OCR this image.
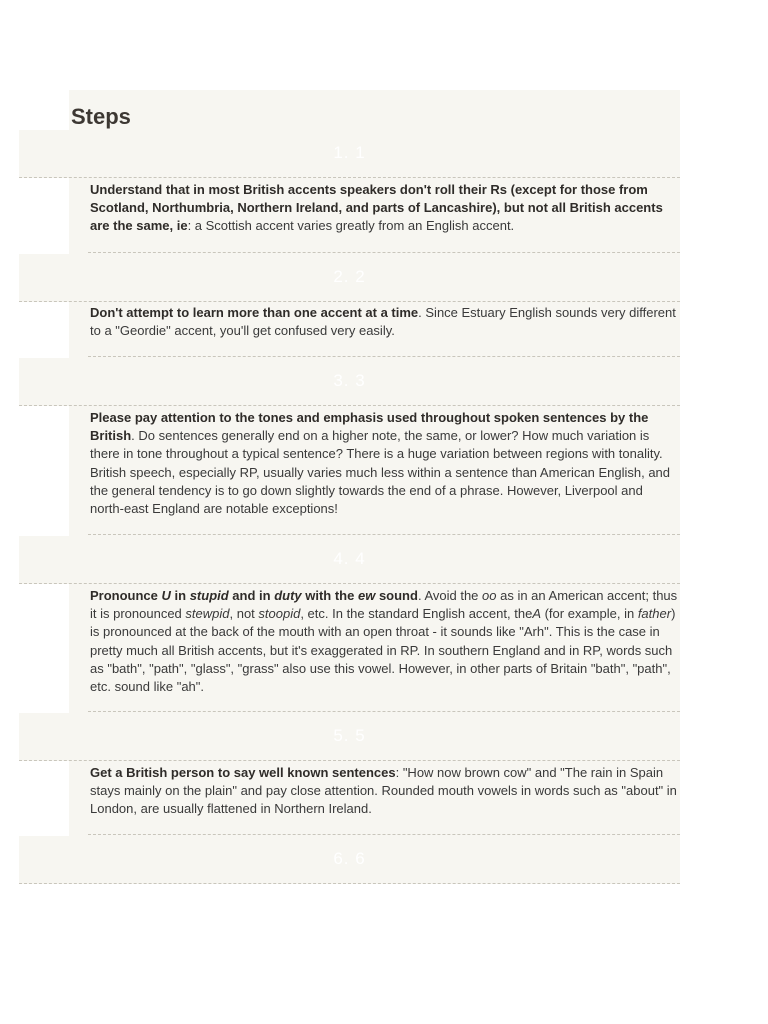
Steps
1. 1

Understand that in most British accents speakers don't roll their Rs (except for those from Scotland, Northumbria, Northern Ireland, and parts of Lancashire), but not all British accents are the same, ie: a Scottish accent varies greatly from an English accent.

2. 2

Don't attempt to learn more than one accent at a time. Since Estuary English sounds very different to a "Geordie" accent, you'll get confused very easily.

3. 3

Please pay attention to the tones and emphasis used throughout spoken sentences by the British. Do sentences generally end on a higher note, the same, or lower? How much variation is there in tone throughout a typical sentence? There is a huge variation between regions with tonality. British speech, especially RP, usually varies much less within a sentence than American English, and the general tendency is to go down slightly towards the end of a phrase. However, Liverpool and north-east England are notable exceptions!

4. 4

Pronounce U in stupid and in duty with the ew sound. Avoid the oo as in an American accent; thus it is pronounced stewpid, not stoopid, etc. In the standard English accent, theA (for example, in father) is pronounced at the back of the mouth with an open throat - it sounds like "Arh". This is the case in pretty much all British accents, but it's exaggerated in RP. In southern England and in RP, words such as "bath", "path", "glass", "grass" also use this vowel. However, in other parts of Britain "bath", "path", etc. sound like "ah".

5. 5

Get a British person to say well known sentences: "How now brown cow" and "The rain in Spain stays mainly on the plain" and pay close attention. Rounded mouth vowels in words such as "about" in London, are usually flattened in Northern Ireland.

6. 6
